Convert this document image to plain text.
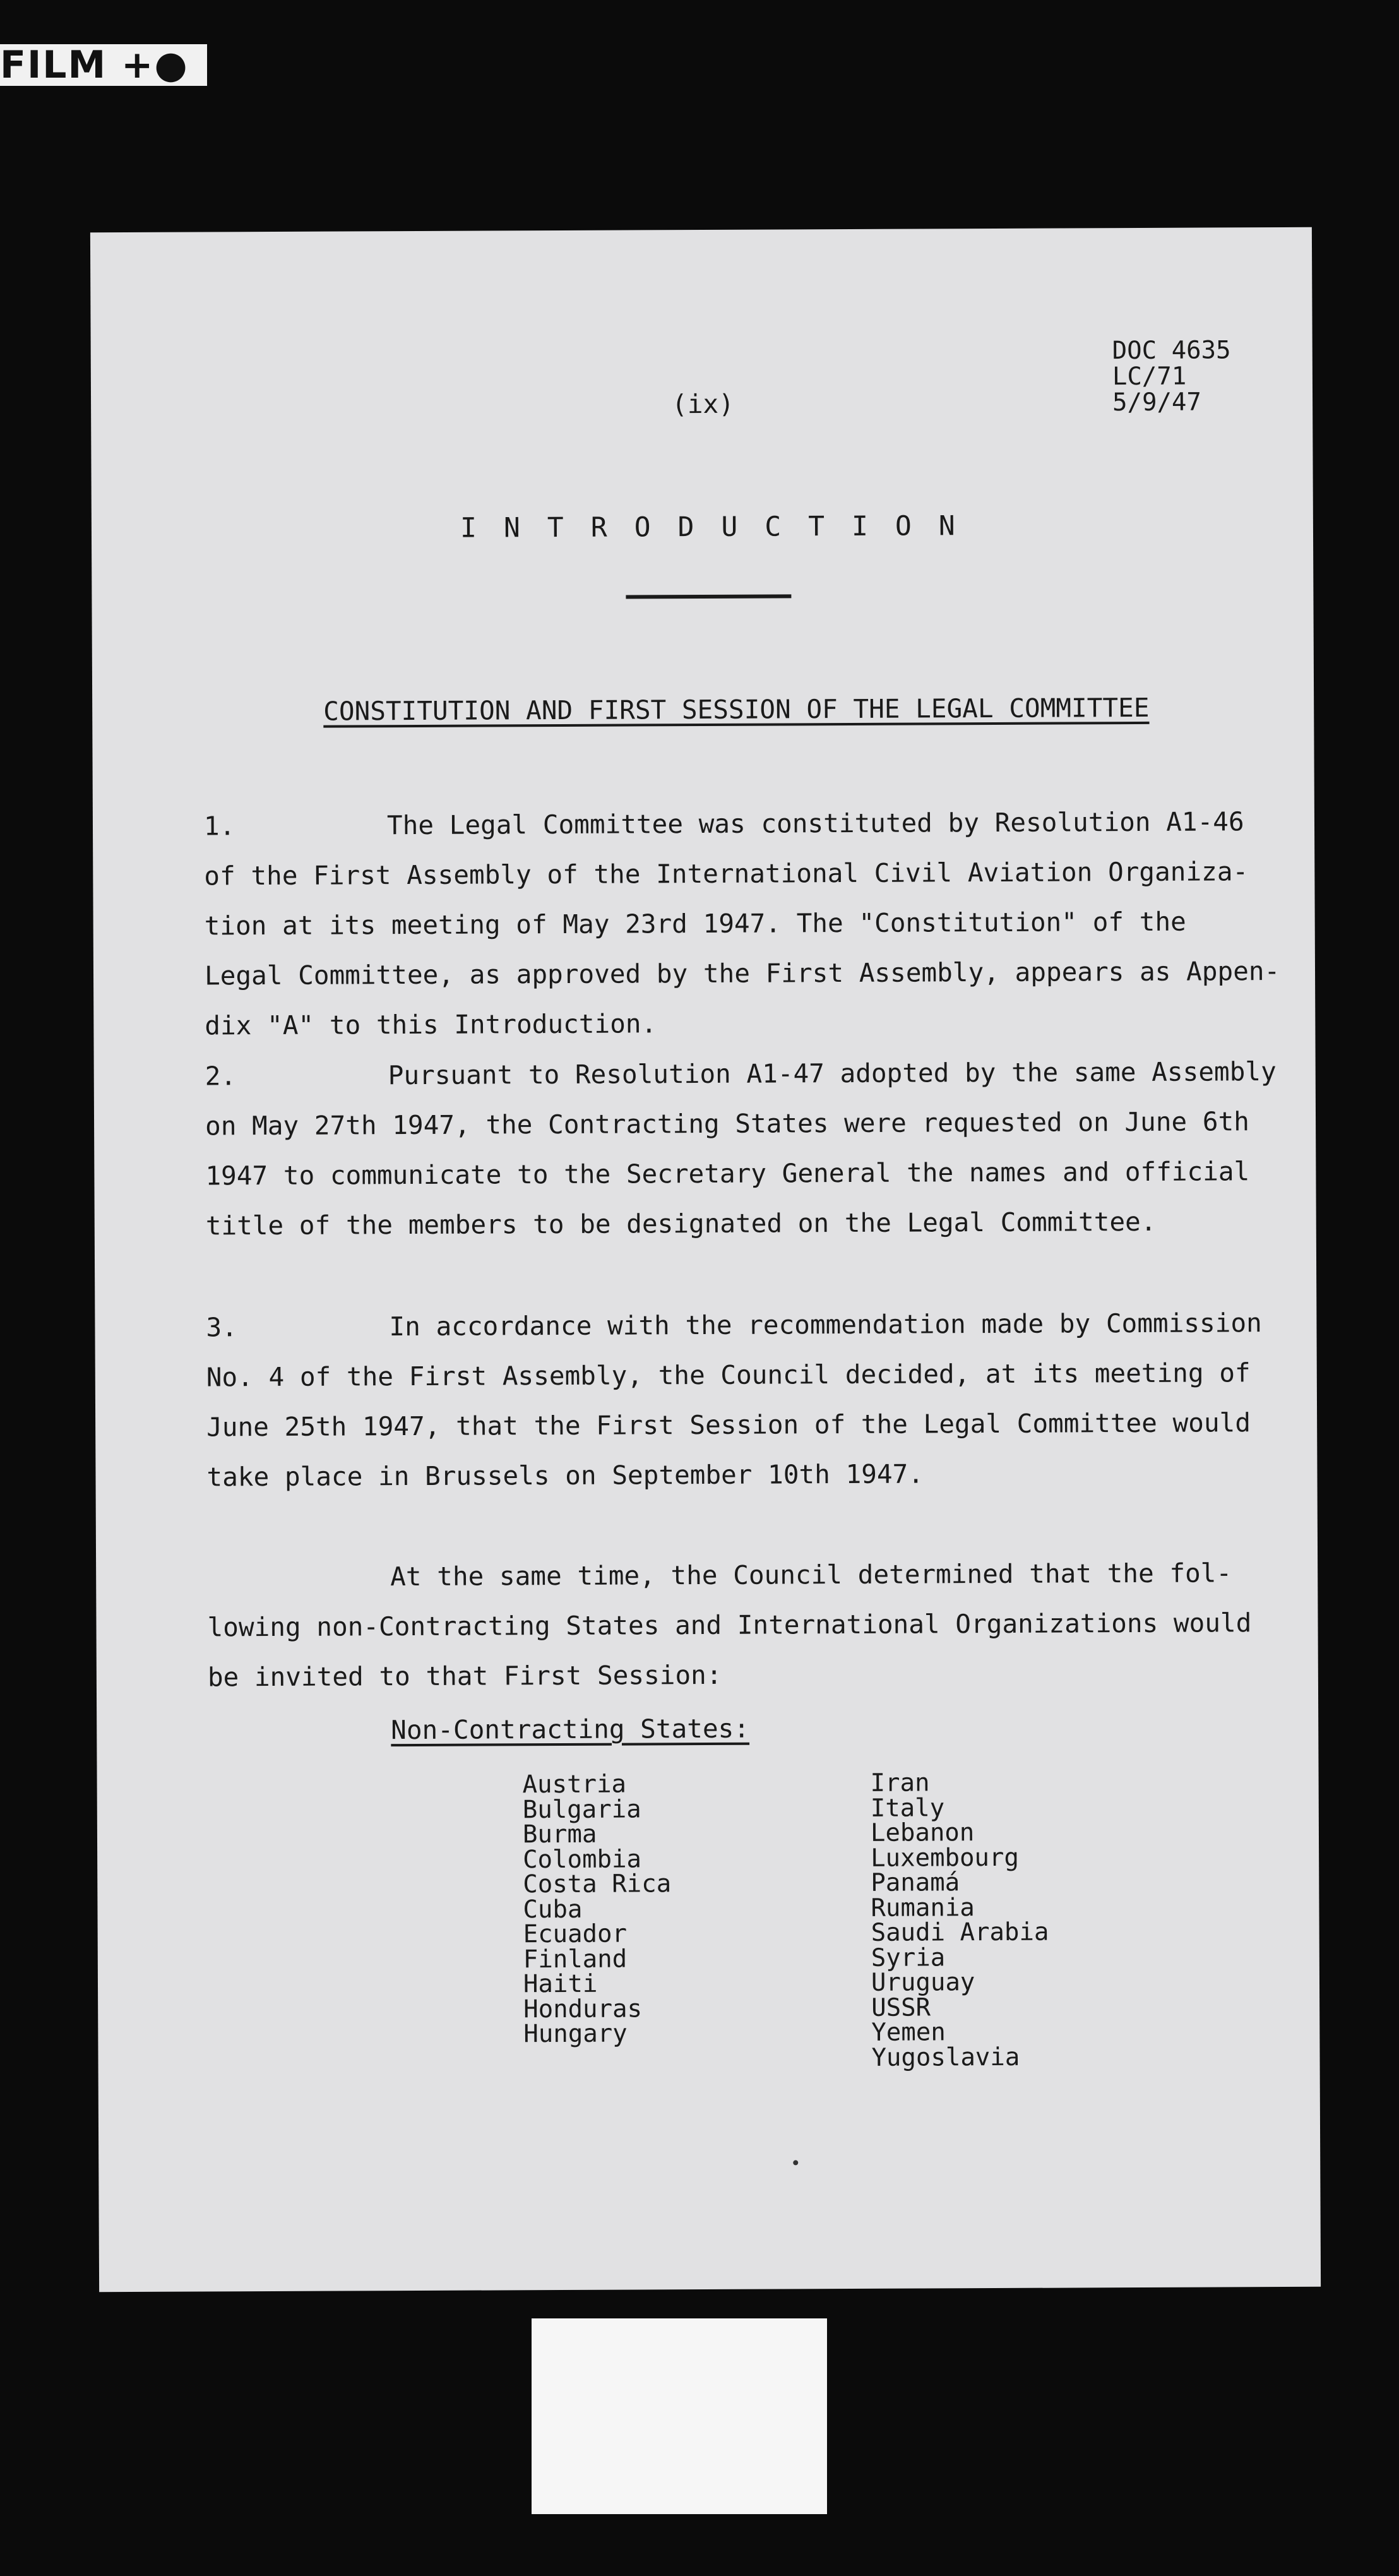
FILM +●
DOC 4635
LC/71
5/9/47
(ix)
INTRODUCTION
CONSTITUTION AND FIRST SESSION OF THE LEGAL COMMITTEE
1.	The Legal Committee was constituted by Resolution A1-46
of the First Assembly of the International Civil Aviation Organiza-
tion at its meeting of May 23rd 1947. The "Constitution" of the
Legal Committee, as approved by the First Assembly, appears as Appen-
dix "A" to this Introduction.
2.	Pursuant to Resolution A1-47 adopted by the same Assembly
on May 27th 1947, the Contracting States were requested on June 6th
1947 to communicate to the Secretary General the names and official
title of the members to be designated on the Legal Committee.
3.	In accordance with the recommendation made by Commission
No. 4 of the First Assembly, the Council decided, at its meeting of
June 25th 1947, that the First Session of the Legal Committee would
take place in Brussels on September 10th 1947.
At the same time, the Council determined that the fol-
lowing non-Contracting States and International Organizations would
be invited to that First Session:
Non-Contracting States:
Austria
Bulgaria
Burma
Colombia
Costa Rica
Cuba
Ecuador
Finland
Haiti
Honduras
Hungary
Iran
Italy
Lebanon
Luxembourg
Panamá
Rumania
Saudi Arabia
Syria
Uruguay
USSR
Yemen
Yugoslavia
